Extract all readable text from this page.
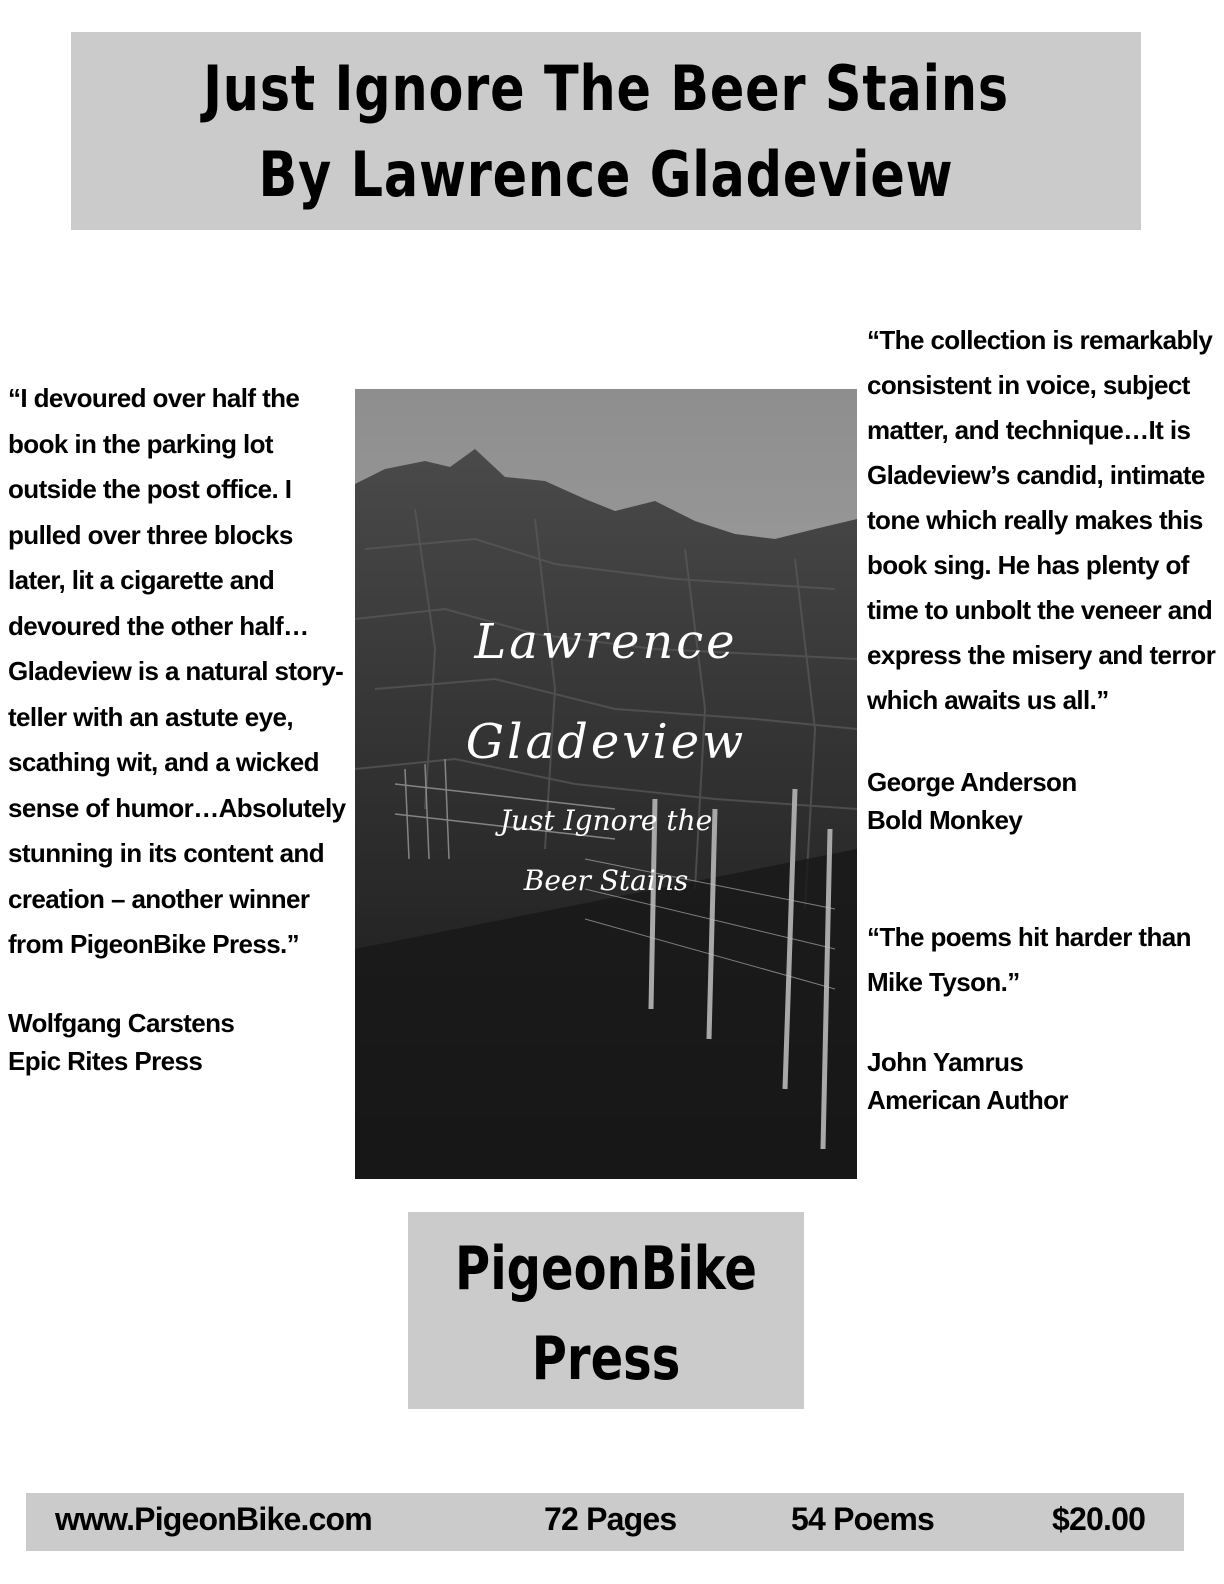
Just Ignore The Beer Stains
By Lawrence Gladeview

“I devoured over half the book in the parking lot outside the post office. I pulled over three blocks later, lit a cigarette and devoured the other half…Gladeview is a natural story-teller with an astute eye, scathing wit, and a wicked sense of humor…Absolutely stunning in its content and creation – another winner from PigeonBike Press.”

Wolfgang Carstens

Epic Rites Press

Lawrence
Gladeview
Just Ignore the
Beer Stains

“The collection is remarkably consistent in voice, subject matter, and technique…It is Gladeview’s candid, intimate tone which really makes this book sing. He has plenty of time to unbolt the veneer and express the misery and terror which awaits us all.”

George Anderson

Bold Monkey

“The poems hit harder than Mike Tyson.”

John Yamrus

American Author

PigeonBike
Press
www.PigeonBike.com	72 Pages	54 Poems	$20.00
